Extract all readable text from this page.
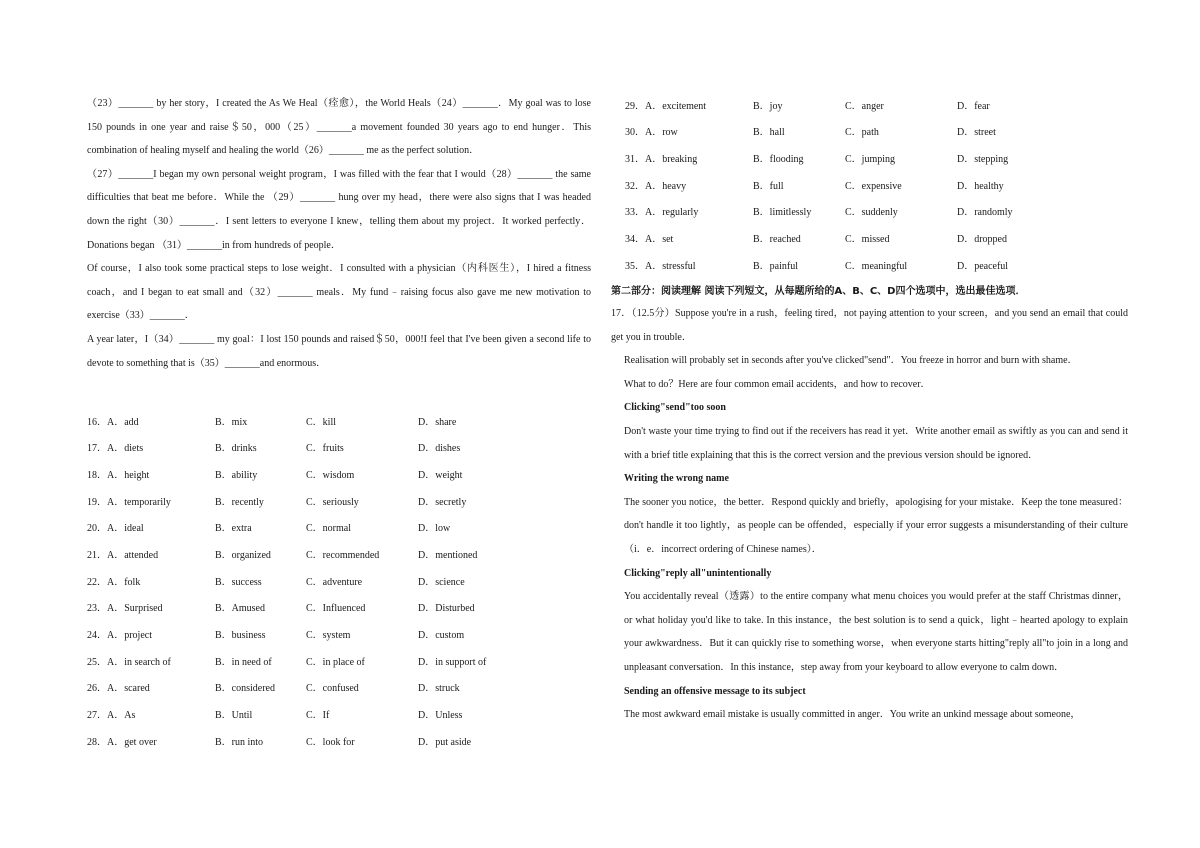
（23）_______ by her story，I created the As We Heal（痊愈），the World Heals（24）_______．My goal was to lose 150 pounds in one year and raise＄50，000（25）_______a movement founded 30 years ago to end hunger．This combination of healing myself and healing the world（26）_______ me as the perfect solution．

（27）_______I began my own personal weight program，I was filled with the fear that I would（28）_______ the same difficulties that beat me before．While the （29）_______ hung over my head，there were also signs that I was headed down the right（30）_______．I sent letters to everyone I knew，telling them about my project．It worked perfectly．Donations began （31）_______in from hundreds of people．

Of course，I also took some practical steps to lose weight．I consulted with a physician（内科医生），I hired a fitness coach，and I began to eat small and（32）_______ meals．My fund﹣raising focus also gave me new motivation to exercise（33）_______．

A year later，I（34）_______ my goal：I lost 150 pounds and raised＄50，000!I feel that I've been given a second life to devote to something that is（35）_______and enormous．

16．A．add	B．mix	C．kill	D．share
17．A．diets	B．drinks	C．fruits	D．dishes
18．A．height	B．ability	C．wisdom	D．weight
19．A．temporarily	B．recently	C．seriously	D．secretly
20．A．ideal	B．extra	C．normal	D．low
21．A．attended	B．organized	C．recommended	D．mentioned
22．A．folk	B．success	C．adventure	D．science
23．A．Surprised	B．Amused	C．Influenced	D．Disturbed
24．A．project	B．business	C．system	D．custom
25．A．in search of	B．in need of	C．in place of	D．in support of
26．A．scared	B．considered	C．confused	D．struck
27．A．As	B．Until	C．If	D．Unless
28．A．get over	B．run into	C．look for	D．put aside
29．A．excitement	B．joy	C．anger	D．fear
30．A．row	B．hall	C．path	D．street
31．A．breaking	B．flooding	C．jumping	D．stepping
32．A．heavy	B．full	C．expensive	D．healthy
33．A．regularly	B．limitlessly	C．suddenly	D．randomly
34．A．set	B．reached	C．missed	D．dropped
35．A．stressful	B．painful	C．meaningful	D．peaceful
第二部分：阅读理解 阅读下列短文，从每题所给的A、B、C、D四个选项中，选出最佳选项．

17．（12.5分）Suppose you're in a rush，feeling tired，not paying attention to your screen，and you send an email that could get you in trouble．

Realisation will probably set in seconds after you've clicked"send"．You freeze in horror and burn with shame．

What to do？Here are four common email accidents，and how to recover．

Clicking"send"too soon

Don't waste your time trying to find out if the receivers has read it yet．Write another email as swiftly as you can and send it with a brief title explaining that this is the correct version and the previous version should be ignored．

Writing the wrong name

The sooner you notice，the better．Respond quickly and briefly，apologising for your mistake．Keep the tone measured：don't handle it too lightly，as people can be offended，especially if your error suggests a misunderstanding of their culture（i．e．incorrect ordering of Chinese names）．

Clicking"reply all"unintentionally

You accidentally reveal（透露）to the entire company what menu choices you would prefer at the staff Christmas dinner，or what holiday you'd like to take. In this instance，the best solution is to send a quick，light﹣hearted apology to explain your awkwardness．But it can quickly rise to something worse，when everyone starts hitting"reply all"to join in a long and unpleasant conversation．In this instance，step away from your keyboard to allow everyone to calm down．

Sending an offensive message to its subject

The most awkward email mistake is usually committed in anger．You write an unkind message about someone，
